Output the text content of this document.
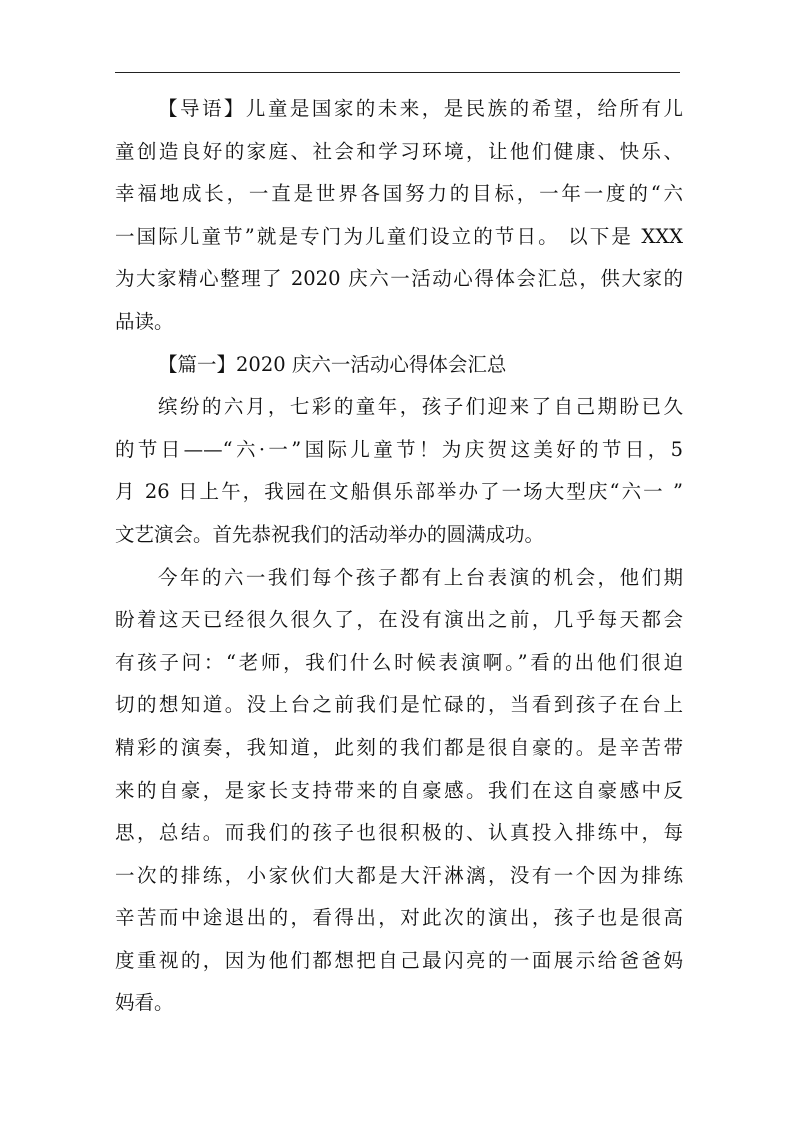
【导语】儿童是国家的未来，是民族的希望，给所有儿
童创造良好的家庭、社会和学习环境，让他们健康、快乐、
幸福地成长，一直是世界各国努力的目标，一年一度的“六
一国际儿童节”就是专门为儿童们设立的节日。 以下是 XXX
为大家精心整理了 2020 庆六一活动心得体会汇总，供大家的
品读。
【篇一】2020 庆六一活动心得体会汇总
缤纷的六月，七彩的童年，孩子们迎来了自己期盼已久
的节日——“六·一”国际儿童节！为庆贺这美好的节日，5
月 26 日上午，我园在文船俱乐部举办了一场大型庆“六一 ”
文艺演会。首先恭祝我们的活动举办的圆满成功。
今年的六一我们每个孩子都有上台表演的机会，他们期
盼着这天已经很久很久了，在没有演出之前，几乎每天都会
有孩子问：“老师，我们什么时候表演啊。”看的出他们很迫
切的想知道。没上台之前我们是忙碌的，当看到孩子在台上
精彩的演奏，我知道，此刻的我们都是很自豪的。是辛苦带
来的自豪，是家长支持带来的自豪感。我们在这自豪感中反
思，总结。而我们的孩子也很积极的、认真投入排练中，每
一次的排练，小家伙们大都是大汗淋漓，没有一个因为排练
辛苦而中途退出的，看得出，对此次的演出，孩子也是很高
度重视的，因为他们都想把自己最闪亮的一面展示给爸爸妈
妈看。
